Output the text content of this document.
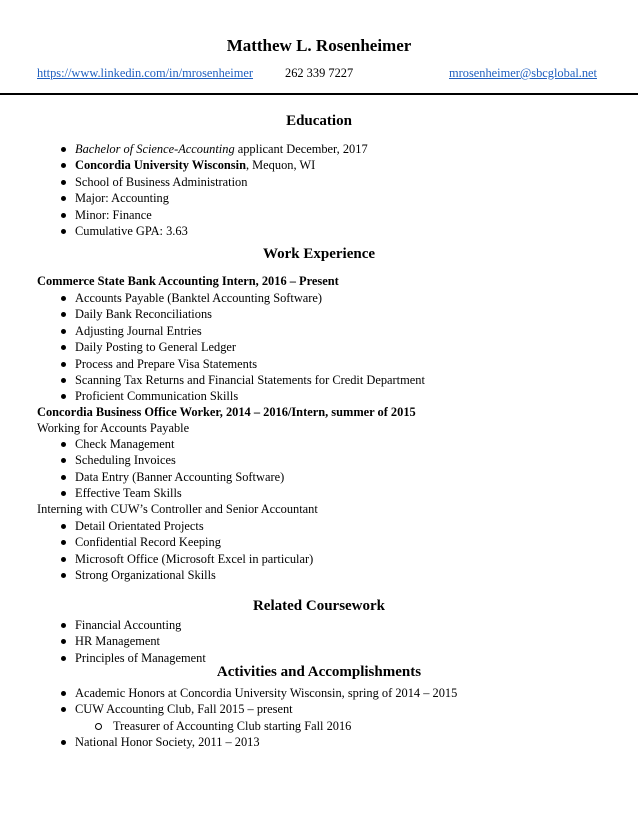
Matthew L. Rosenheimer
https://www.linkedin.com/in/mrosenheimer	262 339 7227	mrosenheimer@sbcglobal.net
Education
Bachelor of Science-Accounting applicant December, 2017
Concordia University Wisconsin, Mequon, WI
School of Business Administration
Major: Accounting
Minor: Finance
Cumulative GPA: 3.63
Work Experience
Commerce State Bank Accounting Intern, 2016 – Present
Accounts Payable (Banktel Accounting Software)
Daily Bank Reconciliations
Adjusting Journal Entries
Daily Posting to General Ledger
Process and Prepare Visa Statements
Scanning Tax Returns and Financial Statements for Credit Department
Proficient Communication Skills
Concordia Business Office Worker, 2014 – 2016/Intern, summer of 2015
Working for Accounts Payable
Check Management
Scheduling Invoices
Data Entry (Banner Accounting Software)
Effective Team Skills
Interning with CUW’s Controller and Senior Accountant
Detail Orientated Projects
Confidential Record Keeping
Microsoft Office (Microsoft Excel in particular)
Strong Organizational Skills
Related Coursework
Financial Accounting
HR Management
Principles of Management
Activities and Accomplishments
Academic Honors at Concordia University Wisconsin, spring of 2014 – 2015
CUW Accounting Club, Fall 2015 – present
Treasurer of Accounting Club starting Fall 2016
National Honor Society, 2011 – 2013
